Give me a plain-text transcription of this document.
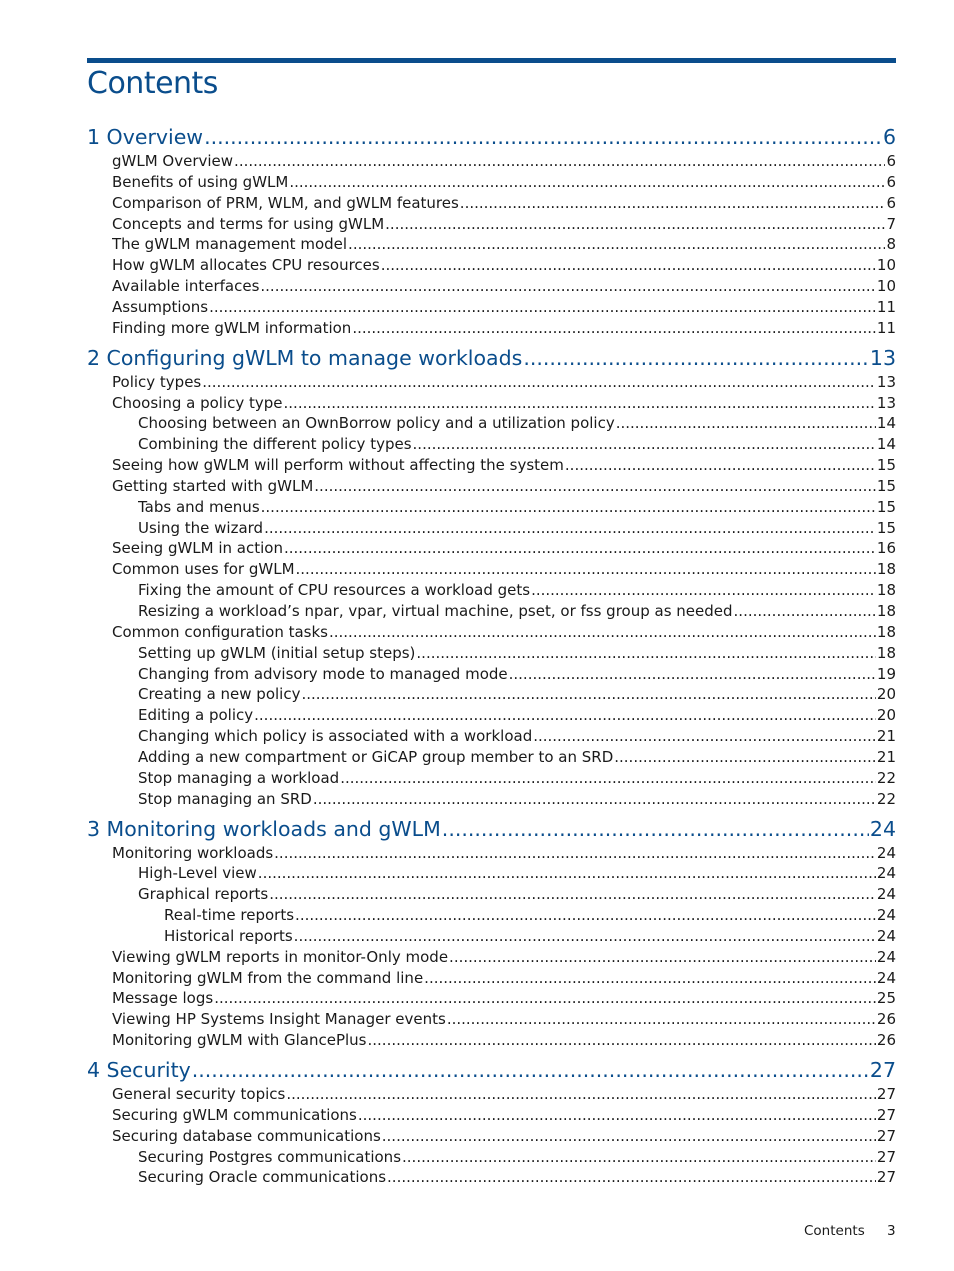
Contents
1 Overview .....	6
gWLM Overview .....	6
Benefits of using gWLM .....	6
Comparison of PRM, WLM, and gWLM features .....	6
Concepts and terms for using gWLM .....	7
The gWLM management model .....	8
How gWLM allocates CPU resources .....	10
Available interfaces .....	10
Assumptions .....	11
Finding more gWLM information .....	11
2 Configuring gWLM to manage workloads .....	13
Policy types .....	13
Choosing a policy type .....	13
Choosing between an OwnBorrow policy and a utilization policy .....	14
Combining the different policy types .....	14
Seeing how gWLM will perform without affecting the system .....	15
Getting started with gWLM .....	15
Tabs and menus .....	15
Using the wizard .....	15
Seeing gWLM in action .....	16
Common uses for gWLM .....	18
Fixing the amount of CPU resources a workload gets .....	18
Resizing a workload’s npar, vpar, virtual machine, pset, or fss group as needed .....	18
Common configuration tasks .....	18
Setting up gWLM (initial setup steps) .....	18
Changing from advisory mode to managed mode .....	19
Creating a new policy .....	20
Editing a policy .....	20
Changing which policy is associated with a workload .....	21
Adding a new compartment or GiCAP group member to an SRD .....	21
Stop managing a workload .....	22
Stop managing an SRD .....	22
3 Monitoring workloads and gWLM .....	24
Monitoring workloads .....	24
High-Level view .....	24
Graphical reports .....	24
Real-time reports .....	24
Historical reports .....	24
Viewing gWLM reports in monitor-Only mode .....	24
Monitoring gWLM from the command line .....	24
Message logs .....	25
Viewing HP Systems Insight Manager events .....	26
Monitoring gWLM with GlancePlus .....	26
4 Security .....	27
General security topics .....	27
Securing gWLM communications .....	27
Securing database communications .....	27
Securing Postgres communications .....	27
Securing Oracle communications .....	27
Contents 3
